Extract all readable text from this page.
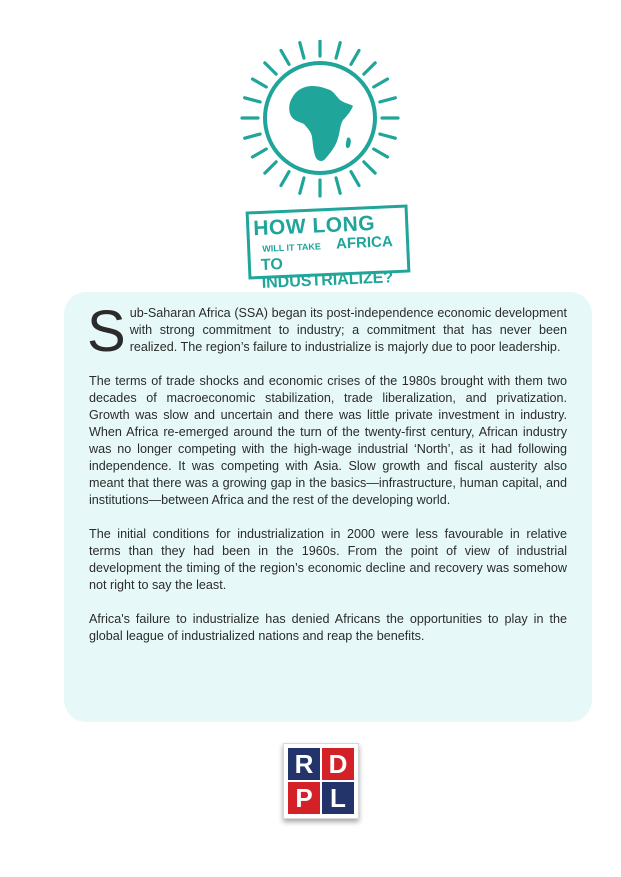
HOW LONG
WILL IT TAKE AFRICA
TO INDUSTRIALIZE?

Sub-Saharan Africa (SSA) began its post-independence economic development with strong commitment to industry; a commitment that has never been realized. The region’s failure to industrialize is majorly due to poor leadership.

The terms of trade shocks and economic crises of the 1980s brought with them two decades of macroeconomic stabilization, trade liberalization, and privatization. Growth was slow and uncertain and there was little private investment in industry. When Africa re-emerged around the turn of the twenty-first century, African industry was no longer competing with the high-wage industrial ‘North’, as it had following independence. It was competing with Asia. Slow growth and fiscal austerity also meant that there was a growing gap in the basics—infrastructure, human capital, and institutions—between Africa and the rest of the developing world.

The initial conditions for industrialization in 2000 were less favourable in relative terms than they had been in the 1960s. From the point of view of industrial development the timing of the region’s economic decline and recovery was somehow not right to say the least.

Africa's failure to industrialize has denied Africans the opportunities to play in the global league of industrialized nations and reap the benefits.

R D
P L
